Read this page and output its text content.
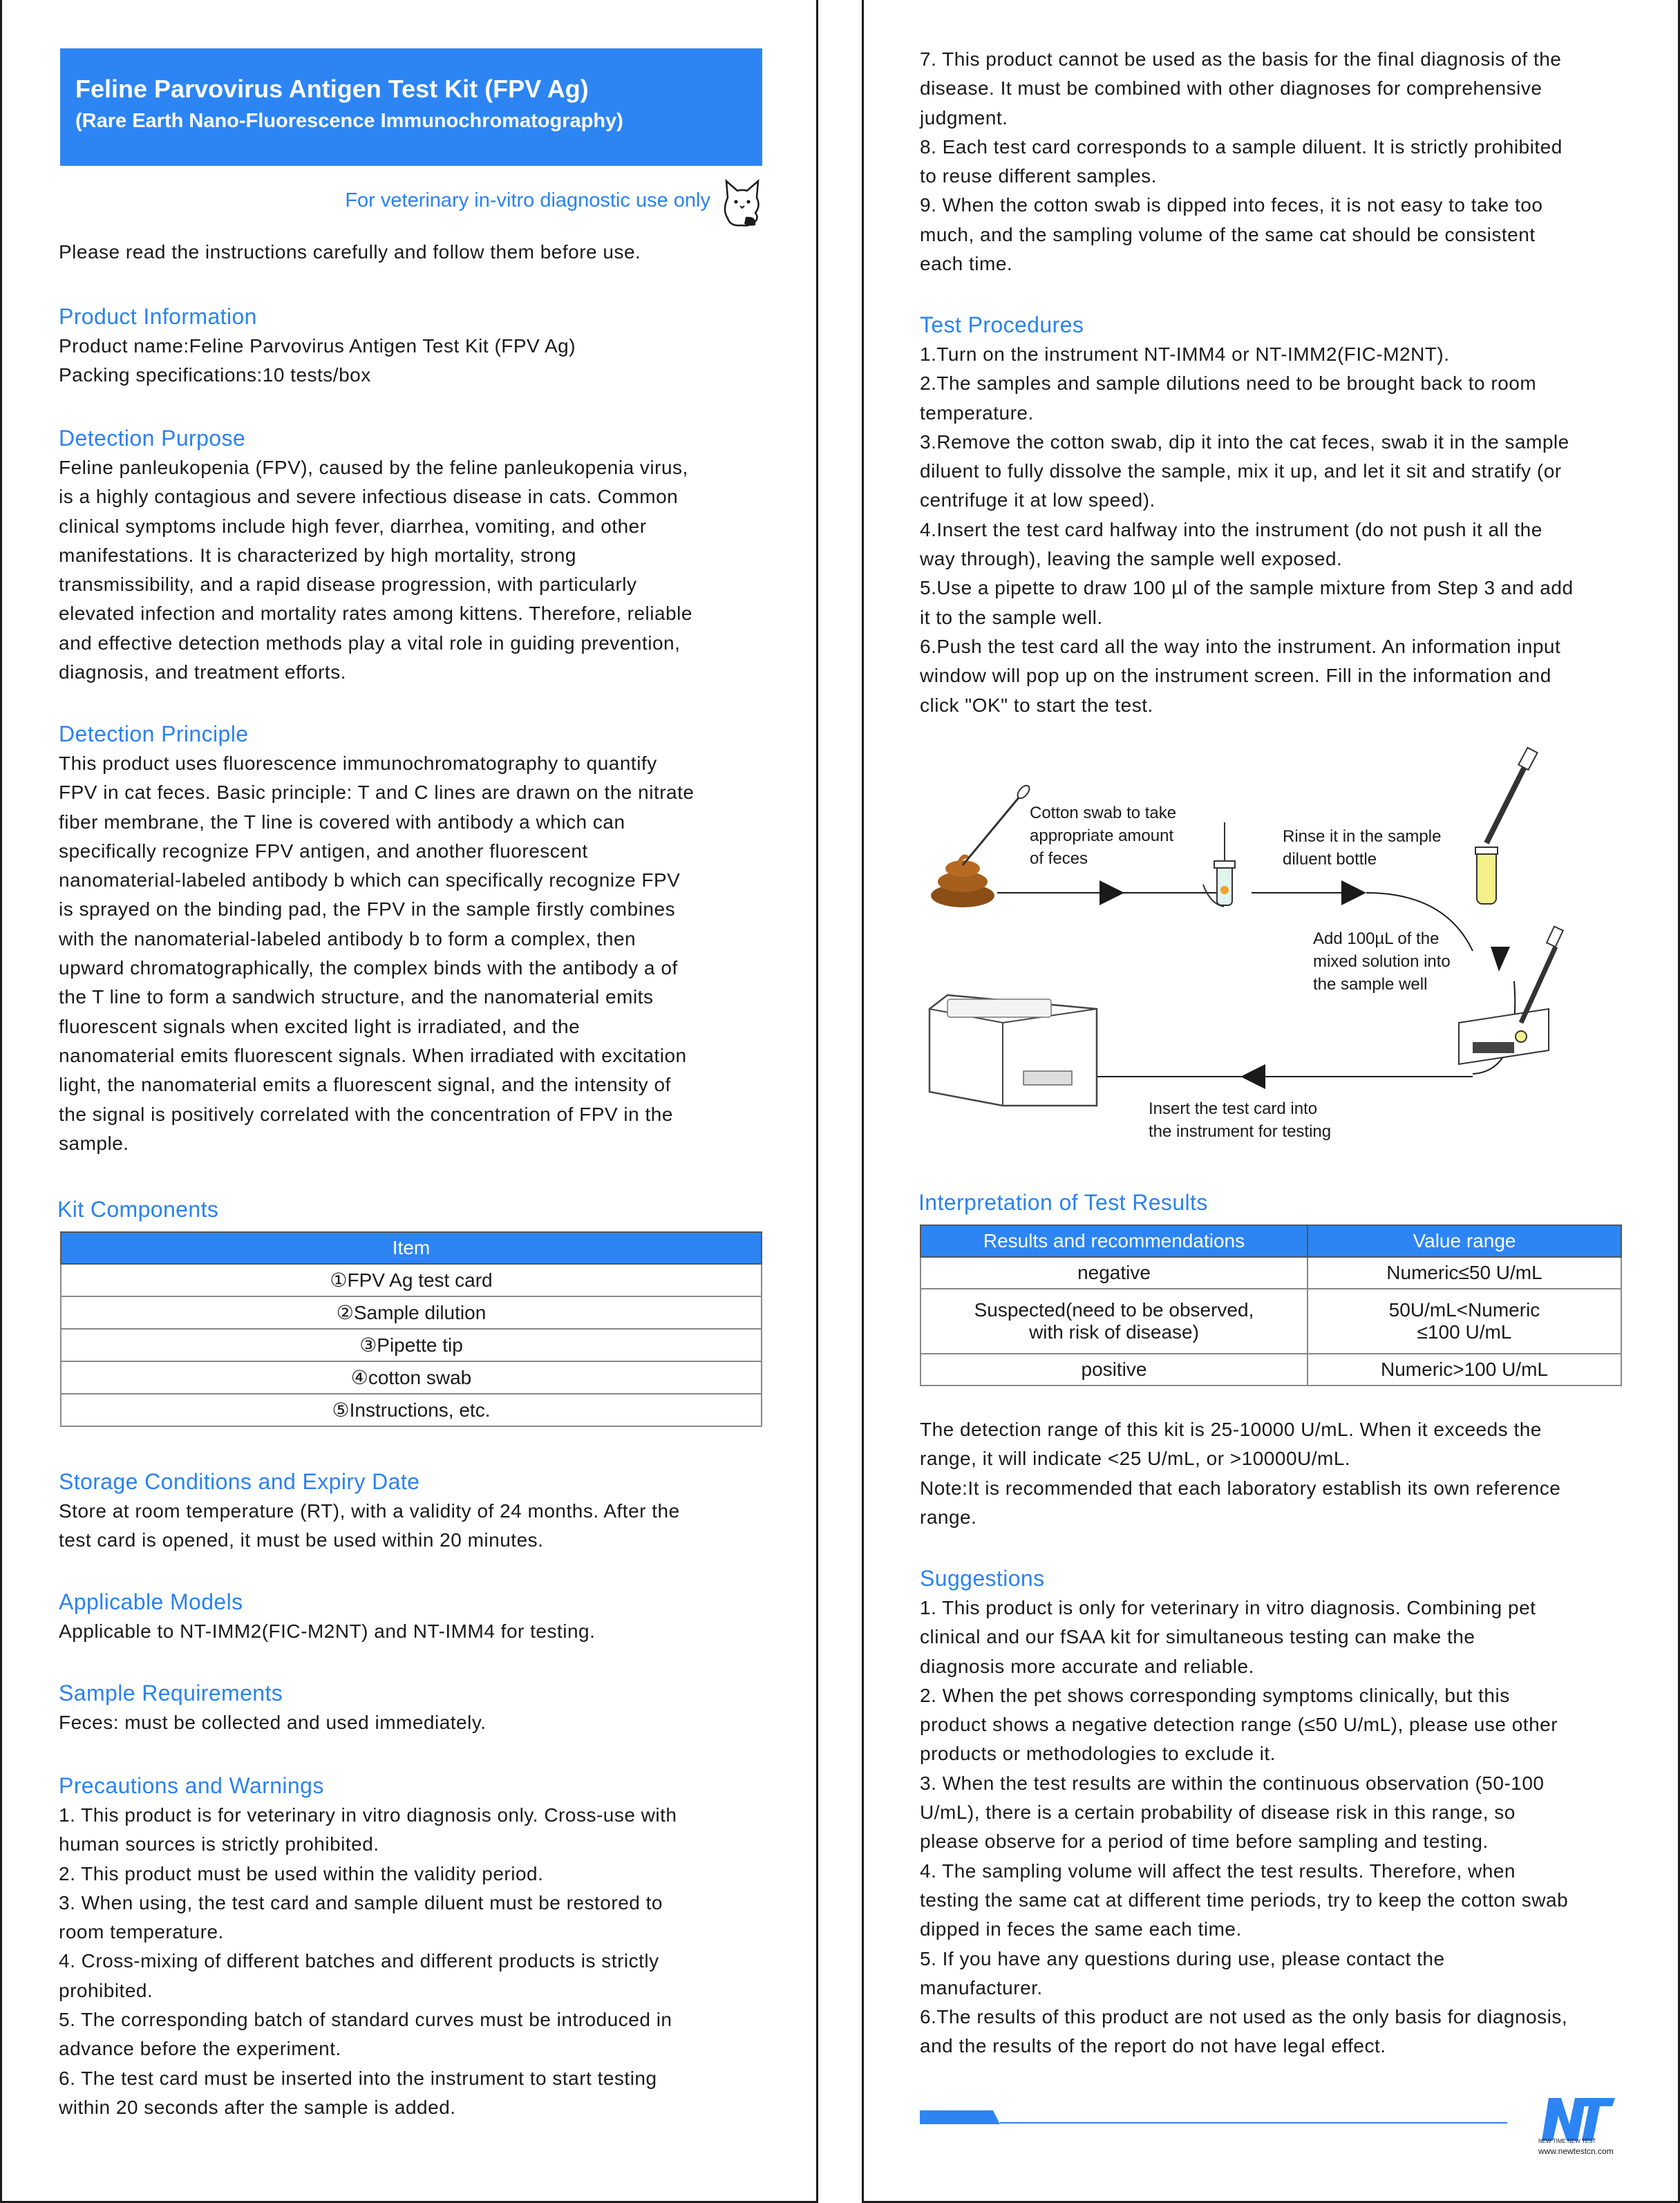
Feline Parvovirus Antigen Test Kit (FPV Ag)
(Rare Earth Nano-Fluorescence Immunochromatography)
For veterinary in-vitro diagnostic use only
Please read the instructions carefully and follow them before use.
Product Information
Product name:Feline Parvovirus Antigen Test Kit (FPV Ag)
Packing specifications:10 tests/box
Detection Purpose
Feline panleukopenia (FPV), caused by the feline panleukopenia virus,
is a highly contagious and severe infectious disease in cats. Common
clinical symptoms include high fever, diarrhea, vomiting, and other
manifestations. It is characterized by high mortality, strong
transmissibility, and a rapid disease progression, with particularly
elevated infection and mortality rates among kittens. Therefore, reliable
and effective detection methods play a vital role in guiding prevention,
diagnosis, and treatment efforts.
Detection Principle
This product uses fluorescence immunochromatography to quantify
FPV in cat feces. Basic principle: T and C lines are drawn on the nitrate
fiber membrane, the T line is covered with antibody a which can
specifically recognize FPV antigen, and another fluorescent
nanomaterial-labeled antibody b which can specifically recognize FPV
is sprayed on the binding pad, the FPV in the sample firstly combines
with the nanomaterial-labeled antibody b to form a complex, then
upward chromatographically, the complex binds with the antibody a of
the T line to form a sandwich structure, and the nanomaterial emits
fluorescent signals when excited light is irradiated, and the
nanomaterial emits fluorescent signals. When irradiated with excitation
light, the nanomaterial emits a fluorescent signal, and the intensity of
the signal is positively correlated with the concentration of FPV in the
sample.
Kit Components
Item
①FPV Ag test card
②Sample dilution
③Pipette tip
④cotton swab
⑤Instructions, etc.
Storage Conditions and Expiry Date
Store at room temperature (RT), with a validity of 24 months. After the
test card is opened, it must be used within 20 minutes.
Applicable Models
Applicable to NT-IMM2(FIC-M2NT) and NT-IMM4 for testing.
Sample Requirements
Feces: must be collected and used immediately.
Precautions and Warnings
1. This product is for veterinary in vitro diagnosis only. Cross-use with
human sources is strictly prohibited.
2. This product must be used within the validity period.
3. When using, the test card and sample diluent must be restored to
room temperature.
4. Cross-mixing of different batches and different products is strictly
prohibited.
5. The corresponding batch of standard curves must be introduced in
advance before the experiment.
6. The test card must be inserted into the instrument to start testing
within 20 seconds after the sample is added.
7. This product cannot be used as the basis for the final diagnosis of the
disease. It must be combined with other diagnoses for comprehensive
judgment.
8. Each test card corresponds to a sample diluent. It is strictly prohibited
to reuse different samples.
9. When the cotton swab is dipped into feces, it is not easy to take too
much, and the sampling volume of the same cat should be consistent
each time.
Test Procedures
1.Turn on the instrument NT-IMM4 or NT-IMM2(FIC-M2NT).
2.The samples and sample dilutions need to be brought back to room
temperature.
3.Remove the cotton swab, dip it into the cat feces, swab it in the sample
diluent to fully dissolve the sample, mix it up, and let it sit and stratify (or
centrifuge it at low speed).
4.Insert the test card halfway into the instrument (do not push it all the
way through), leaving the sample well exposed.
5.Use a pipette to draw 100 µl of the sample mixture from Step 3 and add
it to the sample well.
6.Push the test card all the way into the instrument. An information input
window will pop up on the instrument screen. Fill in the information and
click "OK" to start the test.
Cotton swab to take
appropriate amount
of feces
Rinse it in the sample
diluent bottle
Add 100µL of the
mixed solution into
the sample well
Insert the test card into
the instrument for testing
Interpretation of Test Results
Results and recommendations	Value range
negative	Numeric≤50 U/mL
Suspected(need to be observed,
with risk of disease)	50U/mL<Numeric
≤100 U/mL
positive	Numeric>100 U/mL
The detection range of this kit is 25-10000 U/mL. When it exceeds the
range, it will indicate <25 U/mL, or >10000U/mL.
Note:It is recommended that each laboratory establish its own reference
range.
Suggestions
1. This product is only for veterinary in vitro diagnosis. Combining pet
clinical and our fSAA kit for simultaneous testing can make the
diagnosis more accurate and reliable.
2. When the pet shows corresponding symptoms clinically, but this
product shows a negative detection range (≤50 U/mL), please use other
products or methodologies to exclude it.
3. When the test results are within the continuous observation (50-100
U/mL), there is a certain probability of disease risk in this range, so
please observe for a period of time before sampling and testing.
4. The sampling volume will affect the test results. Therefore, when
testing the same cat at different time periods, try to keep the cotton swab
dipped in feces the same each time.
5. If you have any questions during use, please contact the
manufacturer.
6.The results of this product are not used as the only basis for diagnosis,
and the results of the report do not have legal effect.
NEW TIME NEW TEST
www.newtestcn.com
